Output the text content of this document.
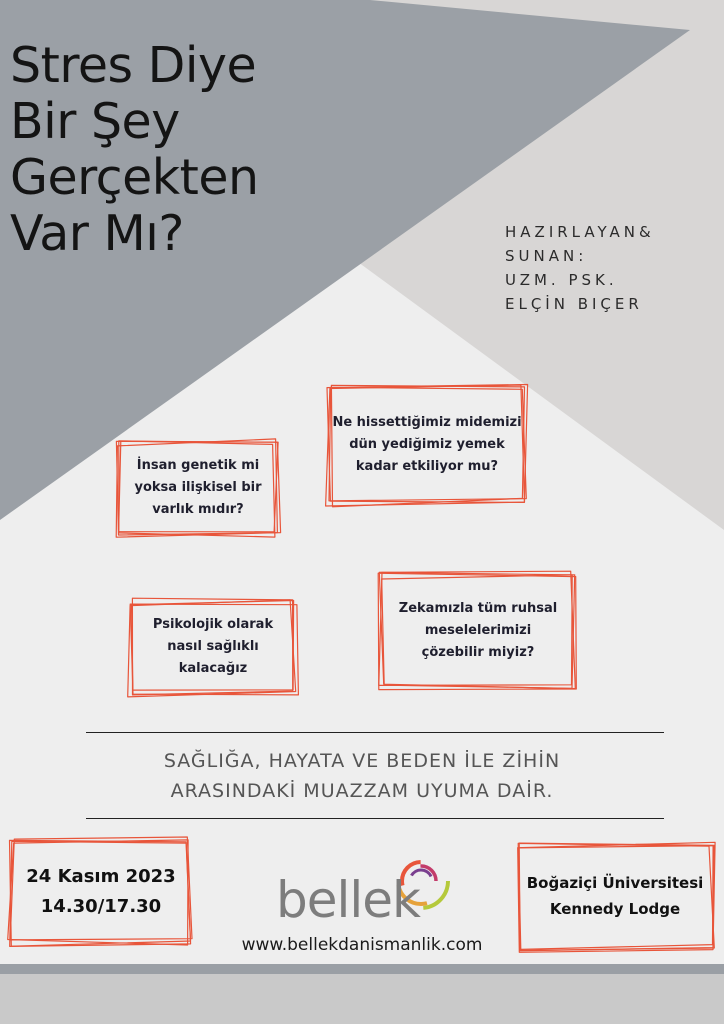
Stres Diye
Bir Şey
Gerçekten
Var Mı?	HAZIRLAYAN&
SUNAN:
UZM. PSK.
ELÇİN BIÇER
Ne hissettiğimiz midemizi
dün yediğimiz yemek
kadar etkiliyor mu?
İnsan genetik mi
yoksa ilişkisel bir
varlık mıdır?
Psikolojik olarak
nasıl sağlıklı
kalacağız
Zekamızla tüm ruhsal
meselelerimizi
çözebilir miyiz?
SAĞLIĞA, HAYATA VE BEDEN İLE ZİHİN
ARASINDAKİ MUAZZAM UYUMA DAİR.
24 Kasım 2023
14.30/17.30
Boğaziçi Üniversitesi
Kennedy Lodge
bellek
www.bellekdanismanlik.com
